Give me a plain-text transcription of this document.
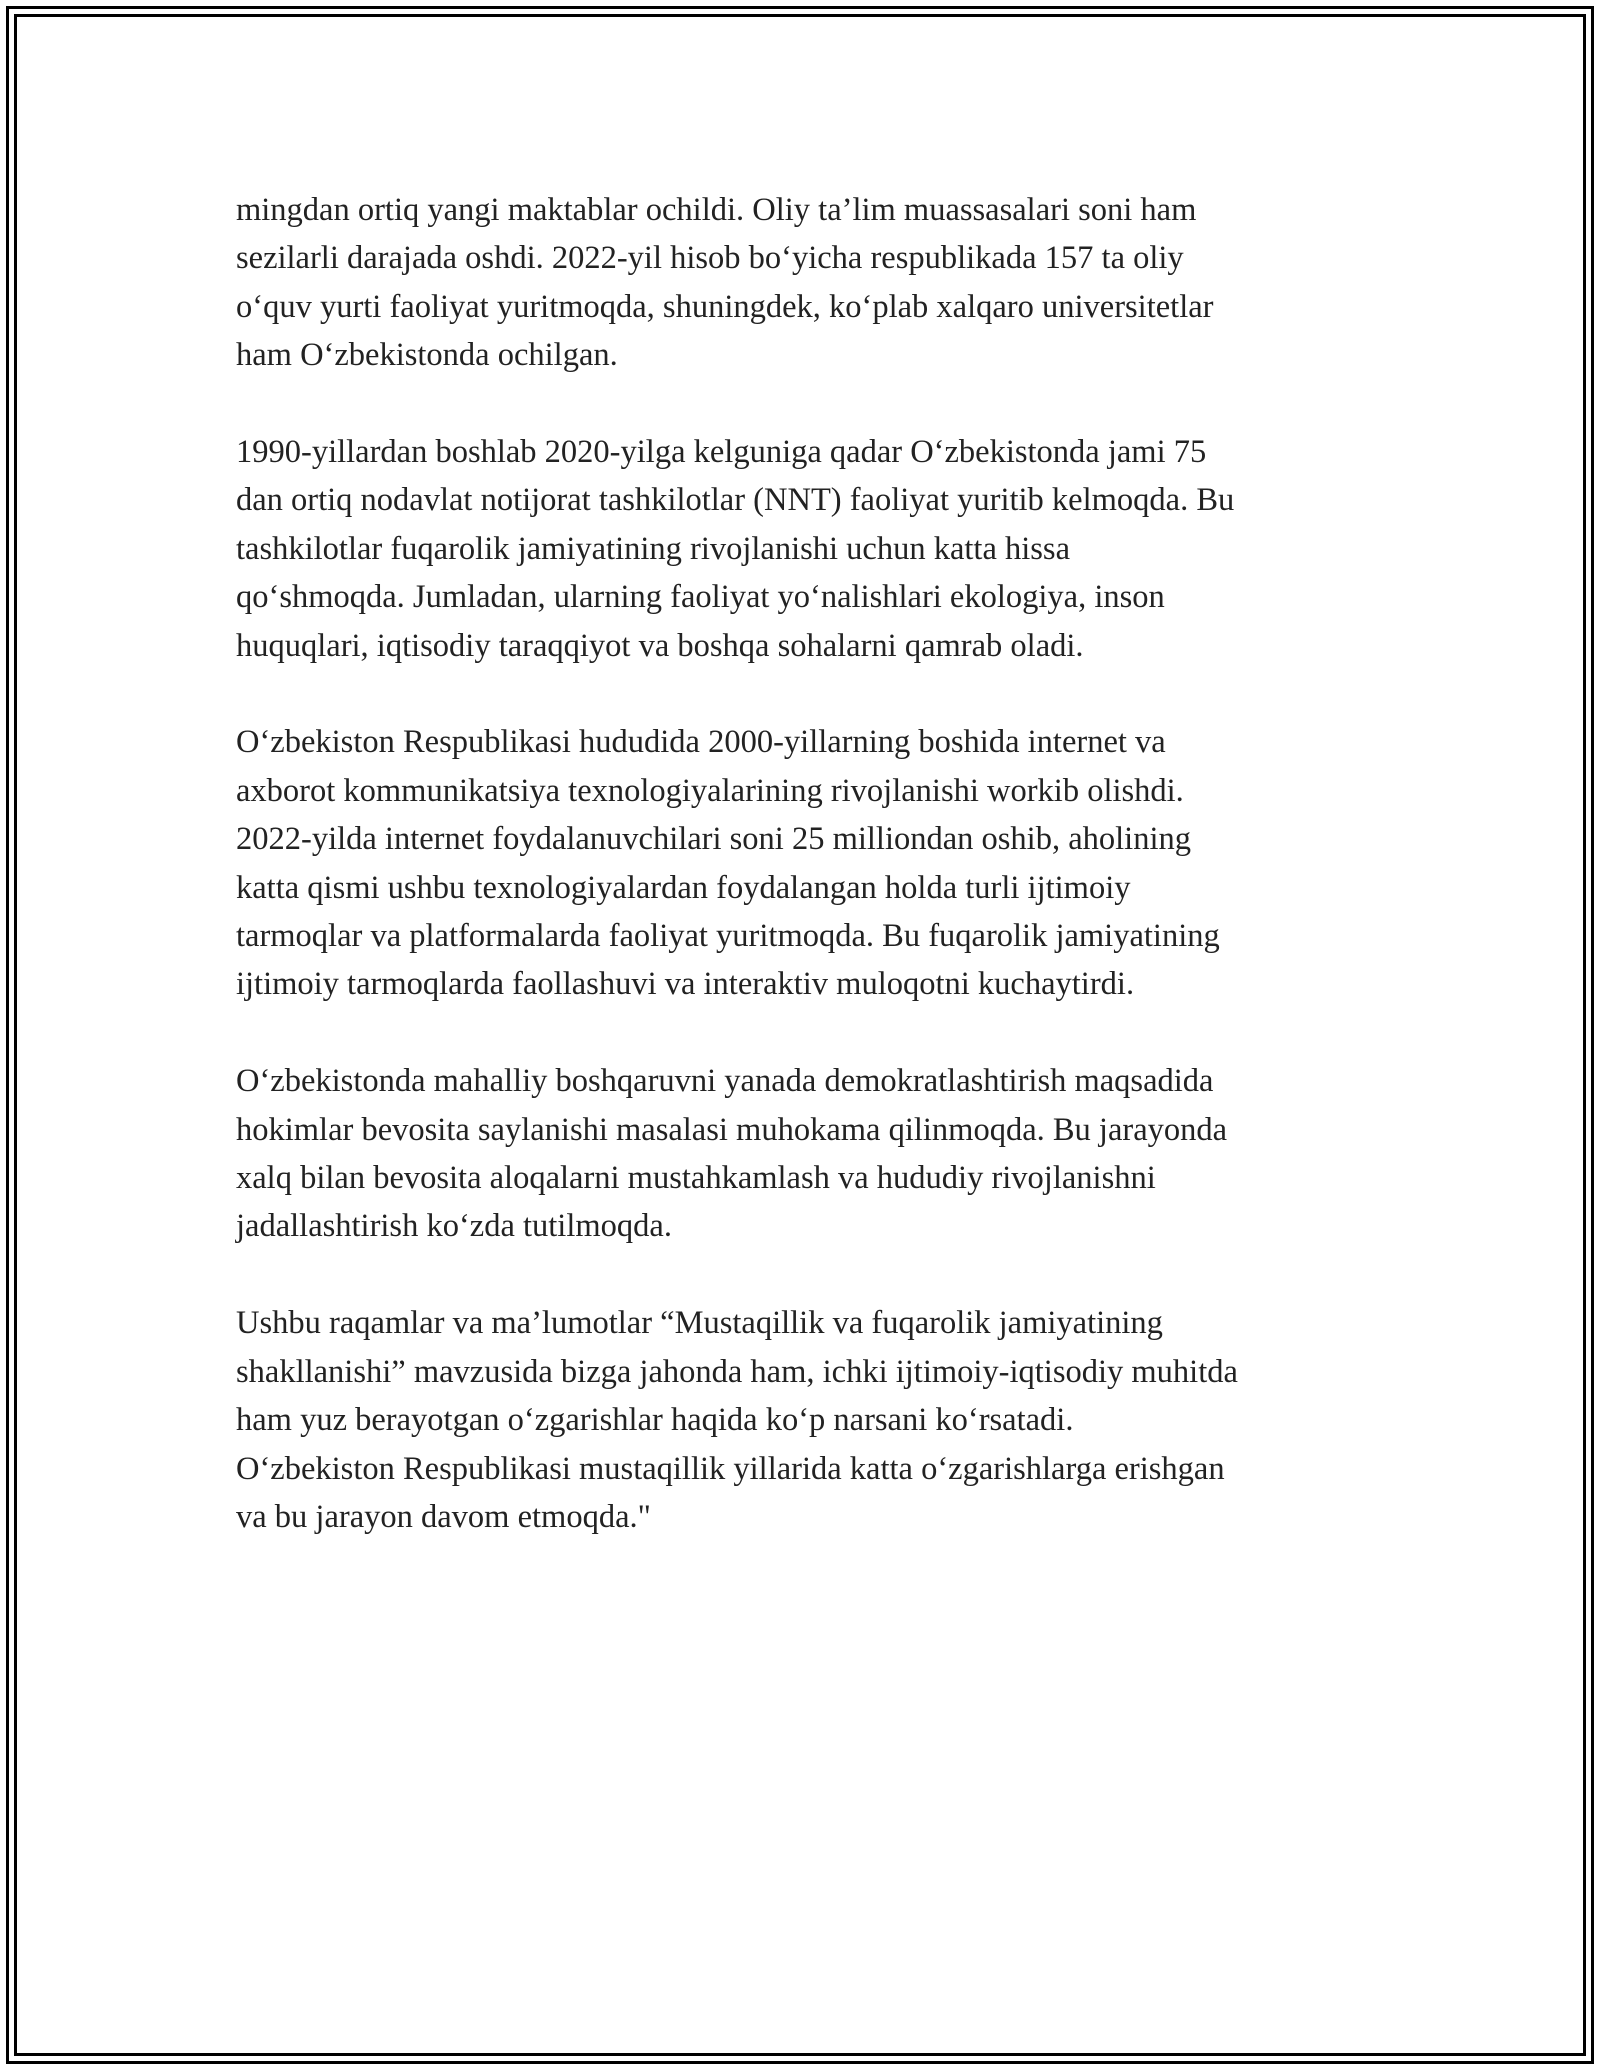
mingdan ortiq yangi maktablar ochildi. Oliy ta’lim muassasalari soni ham
sezilarli darajada oshdi. 2022-yil hisob bo‘yicha respublikada 157 ta oliy
o‘quv yurti faoliyat yuritmoqda, shuningdek, ko‘plab xalqaro universitetlar
ham O‘zbekistonda ochilgan.

1990-yillardan boshlab 2020-yilga kelguniga qadar O‘zbekistonda jami 75
dan ortiq nodavlat notijorat tashkilotlar (NNT) faoliyat yuritib kelmoqda. Bu
tashkilotlar fuqarolik jamiyatining rivojlanishi uchun katta hissa
qo‘shmoqda. Jumladan, ularning faoliyat yo‘nalishlari ekologiya, inson
huquqlari, iqtisodiy taraqqiyot va boshqa sohalarni qamrab oladi.

O‘zbekiston Respublikasi hududida 2000-yillarning boshida internet va
axborot kommunikatsiya texnologiyalarining rivojlanishi workib olishdi.
2022-yilda internet foydalanuvchilari soni 25 milliondan oshib, aholining
katta qismi ushbu texnologiyalardan foydalangan holda turli ijtimoiy
tarmoqlar va platformalarda faoliyat yuritmoqda. Bu fuqarolik jamiyatining
ijtimoiy tarmoqlarda faollashuvi va interaktiv muloqotni kuchaytirdi.

O‘zbekistonda mahalliy boshqaruvni yanada demokratlashtirish maqsadida
hokimlar bevosita saylanishi masalasi muhokama qilinmoqda. Bu jarayonda
xalq bilan bevosita aloqalarni mustahkamlash va hududiy rivojlanishni
jadallashtirish ko‘zda tutilmoqda.

Ushbu raqamlar va ma’lumotlar “Mustaqillik va fuqarolik jamiyatining
shakllanishi” mavzusida bizga jahonda ham, ichki ijtimoiy-iqtisodiy muhitda
ham yuz berayotgan o‘zgarishlar haqida ko‘p narsani ko‘rsatadi.
O‘zbekiston Respublikasi mustaqillik yillarida katta o‘zgarishlarga erishgan
va bu jarayon davom etmoqda."
